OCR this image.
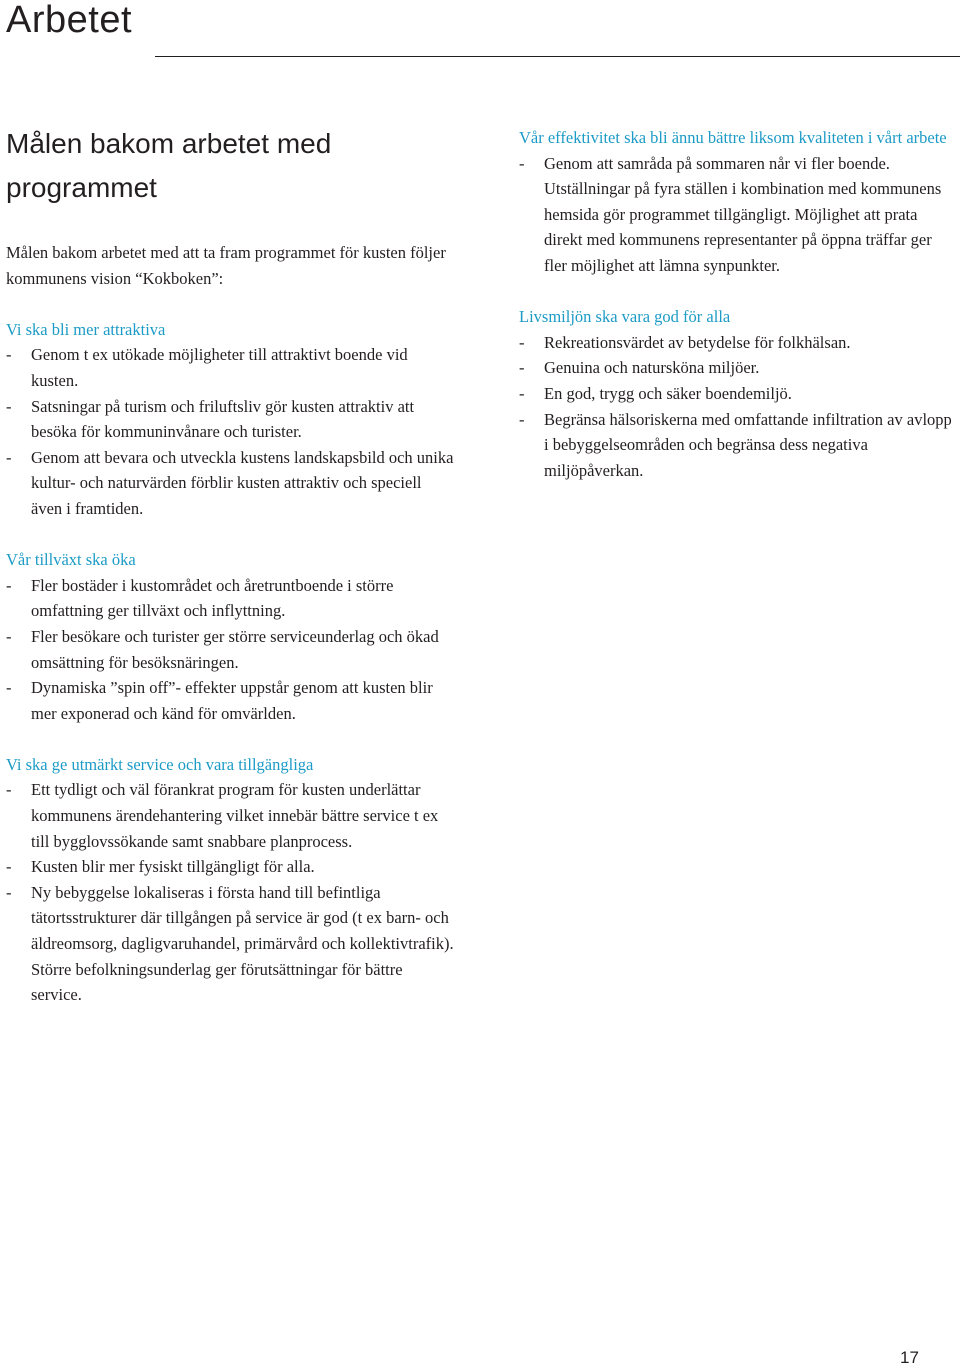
Arbetet
Målen bakom arbetet med programmet

Målen bakom arbetet med att ta fram programmet för kusten följer kommunens vision “Kokboken”:

Vi ska bli mer attraktiva

- Genom t ex utökade möjligheter till attraktivt boende vid kusten.
- Satsningar på turism och friluftsliv gör kusten attraktiv att besöka för kommuninvånare och turister.
- Genom att bevara och utveckla kustens landskapsbild och unika kultur- och naturvärden förblir kusten attraktiv och speciell även i framtiden.

Vår tillväxt ska öka

- Fler bostäder i kustområdet och åretruntboende i större omfattning ger tillväxt och inflyttning.
- Fler besökare och turister ger större serviceunderlag och ökad omsättning för besöksnäringen.
- Dynamiska ”spin off”- effekter uppstår genom att kusten blir mer exponerad och känd för omvärlden.

Vi ska ge utmärkt service och vara tillgängliga

- Ett tydligt och väl förankrat program för kusten underlättar kommunens ärendehantering vilket innebär bättre service t ex till bygglovssökande samt snabbare planprocess.
- Kusten blir mer fysiskt tillgängligt för alla.
- Ny bebyggelse lokaliseras i första hand till befintliga tätortsstrukturer där tillgången på service är god (t ex barn- och äldreomsorg, dagligvaruhandel, primärvård och kollektivtrafik). Större befolkningsunderlag ger förutsättningar för bättre service.

Vår effektivitet ska bli ännu bättre liksom kvaliteten i vårt arbete

- Genom att samråda på sommaren når vi fler boende. Utställningar på fyra ställen i kombination med kommunens hemsida gör programmet tillgängligt. Möjlighet att prata direkt med kommunens representanter på öppna träffar ger fler möjlighet att lämna synpunkter.

Livsmiljön ska vara god för alla

- Rekreationsvärdet av betydelse för folkhälsan.
- Genuina och natursköna miljöer.
- En god, trygg och säker boendemiljö.
- Begränsa hälsoriskerna med omfattande infiltration av avlopp i bebyggelseområden och begränsa dess negativa miljöpåverkan.
17
